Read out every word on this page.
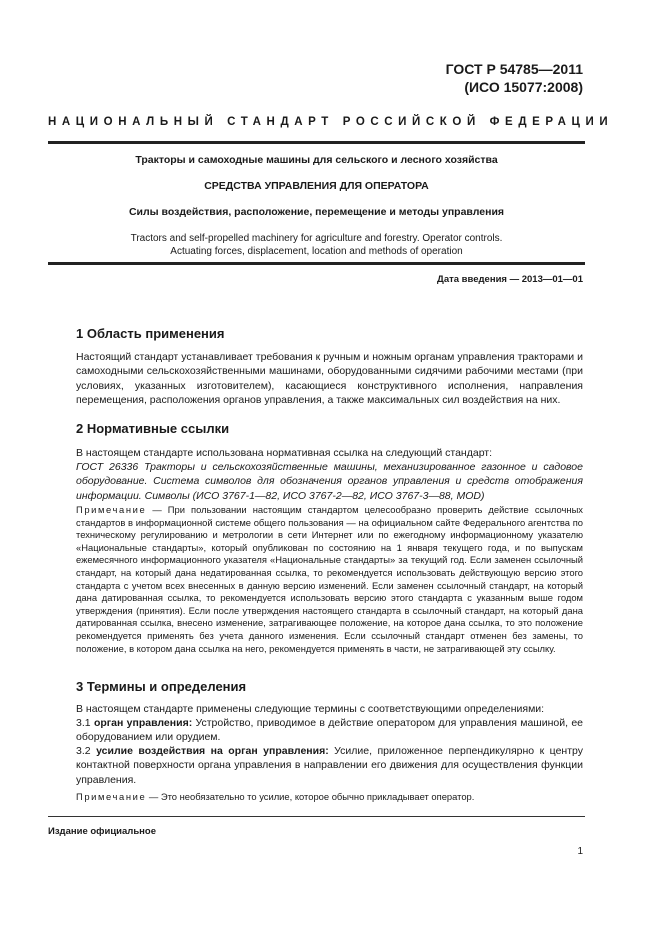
ГОСТ Р 54785—2011
(ИСО 15077:2008)
НАЦИОНАЛЬНЫЙ СТАНДАРТ РОССИЙСКОЙ ФЕДЕРАЦИИ
Тракторы и самоходные машины для сельского и лесного хозяйства
СРЕДСТВА УПРАВЛЕНИЯ ДЛЯ ОПЕРАТОРА
Силы воздействия, расположение, перемещение и методы управления
Tractors and self-propelled machinery for agriculture and forestry. Operator controls.
Actuating forces, displacement, location and methods of operation
Дата введения — 2013—01—01
1 Область применения

Настоящий стандарт устанавливает требования к ручным и ножным органам управления тракторами и самоходными сельскохозяйственными машинами, оборудованными сидячими рабочими местами (при условиях, указанных изготовителем), касающиеся конструктивного исполнения, направления перемещения, расположения органов управления, а также максимальных сил воздействия на них.

2 Нормативные ссылки

В настоящем стандарте использована нормативная ссылка на следующий стандарт:

ГОСТ 26336 Тракторы и сельскохозяйственные машины, механизированное газонное и садовое оборудование. Система символов для обозначения органов управления и средств отображения информации. Символы (ИСО 3767-1—82, ИСО 3767-2—82, ИСО 3767-3—88, MOD)

Примечание — При пользовании настоящим стандартом целесообразно проверить действие ссылочных стандартов в информационной системе общего пользования — на официальном сайте Федерального агентства по техническому регулированию и метрологии в сети Интернет или по ежегодному информационному указателю «Национальные стандарты», который опубликован по состоянию на 1 января текущего года, и по выпускам ежемесячного информационного указателя «Национальные стандарты» за текущий год. Если заменен ссылочный стандарт, на который дана недатированная ссылка, то рекомендуется использовать действующую версию этого стандарта с учетом всех внесенных в данную версию изменений. Если заменен ссылочный стандарт, на который дана датированная ссылка, то рекомендуется использовать версию этого стандарта с указанным выше годом утверждения (принятия). Если после утверждения настоящего стандарта в ссылочный стандарт, на который дана датированная ссылка, внесено изменение, затрагивающее положение, на которое дана ссылка, то это положение рекомендуется применять без учета данного изменения. Если ссылочный стандарт отменен без замены, то положение, в котором дана ссылка на него, рекомендуется применять в части, не затрагивающей эту ссылку.

3 Термины и определения

В настоящем стандарте применены следующие термины с соответствующими определениями:

3.1 орган управления: Устройство, приводимое в действие оператором для управления машиной, ее оборудованием или орудием.

3.2 усилие воздействия на орган управления: Усилие, приложенное перпендикулярно к центру контактной поверхности органа управления в направлении его движения для осуществления функции управления.

Примечание — Это необязательно то усилие, которое обычно прикладывает оператор.

Издание официальное
1
